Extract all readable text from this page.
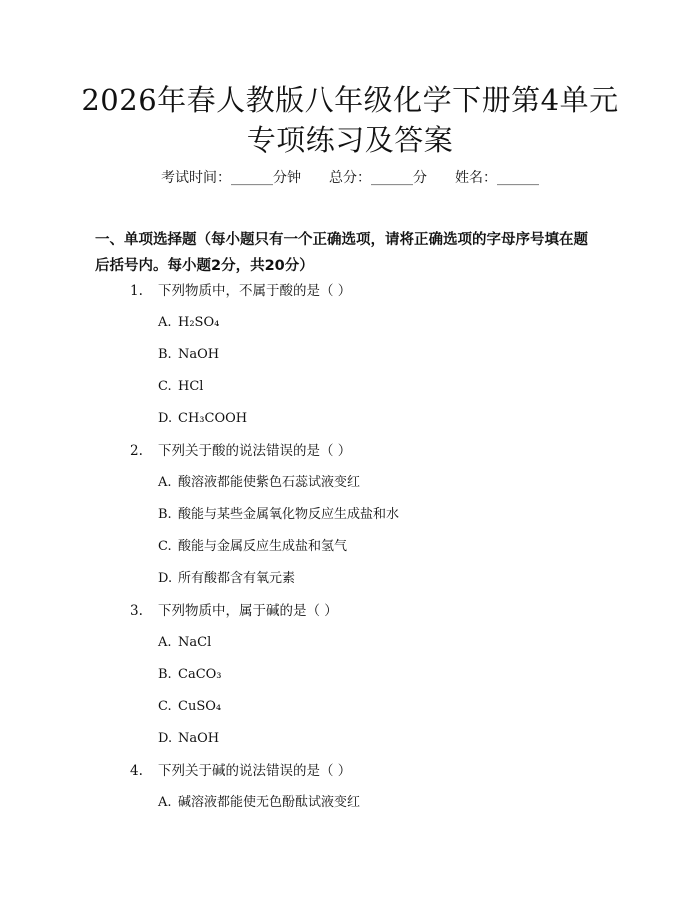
2026年春人教版八年级化学下册第4单元专项练习及答案
考试时间：______分钟 总分：______分 姓名：______
一、单项选择题（每小题只有一个正确选项，请将正确选项的字母序号填在题后括号内。每小题2分，共20分）
1. 下列物质中，不属于酸的是（ ）
A. H₂SO₄
B. NaOH
C. HCl
D. CH₃COOH
2. 下列关于酸的说法错误的是（ ）
A. 酸溶液都能使紫色石蕊试液变红
B. 酸能与某些金属氧化物反应生成盐和水
C. 酸能与金属反应生成盐和氢气
D. 所有酸都含有氧元素
3. 下列物质中，属于碱的是（ ）
A. NaCl
B. CaCO₃
C. CuSO₄
D. NaOH
4. 下列关于碱的说法错误的是（ ）
A. 碱溶液都能使无色酚酞试液变红
